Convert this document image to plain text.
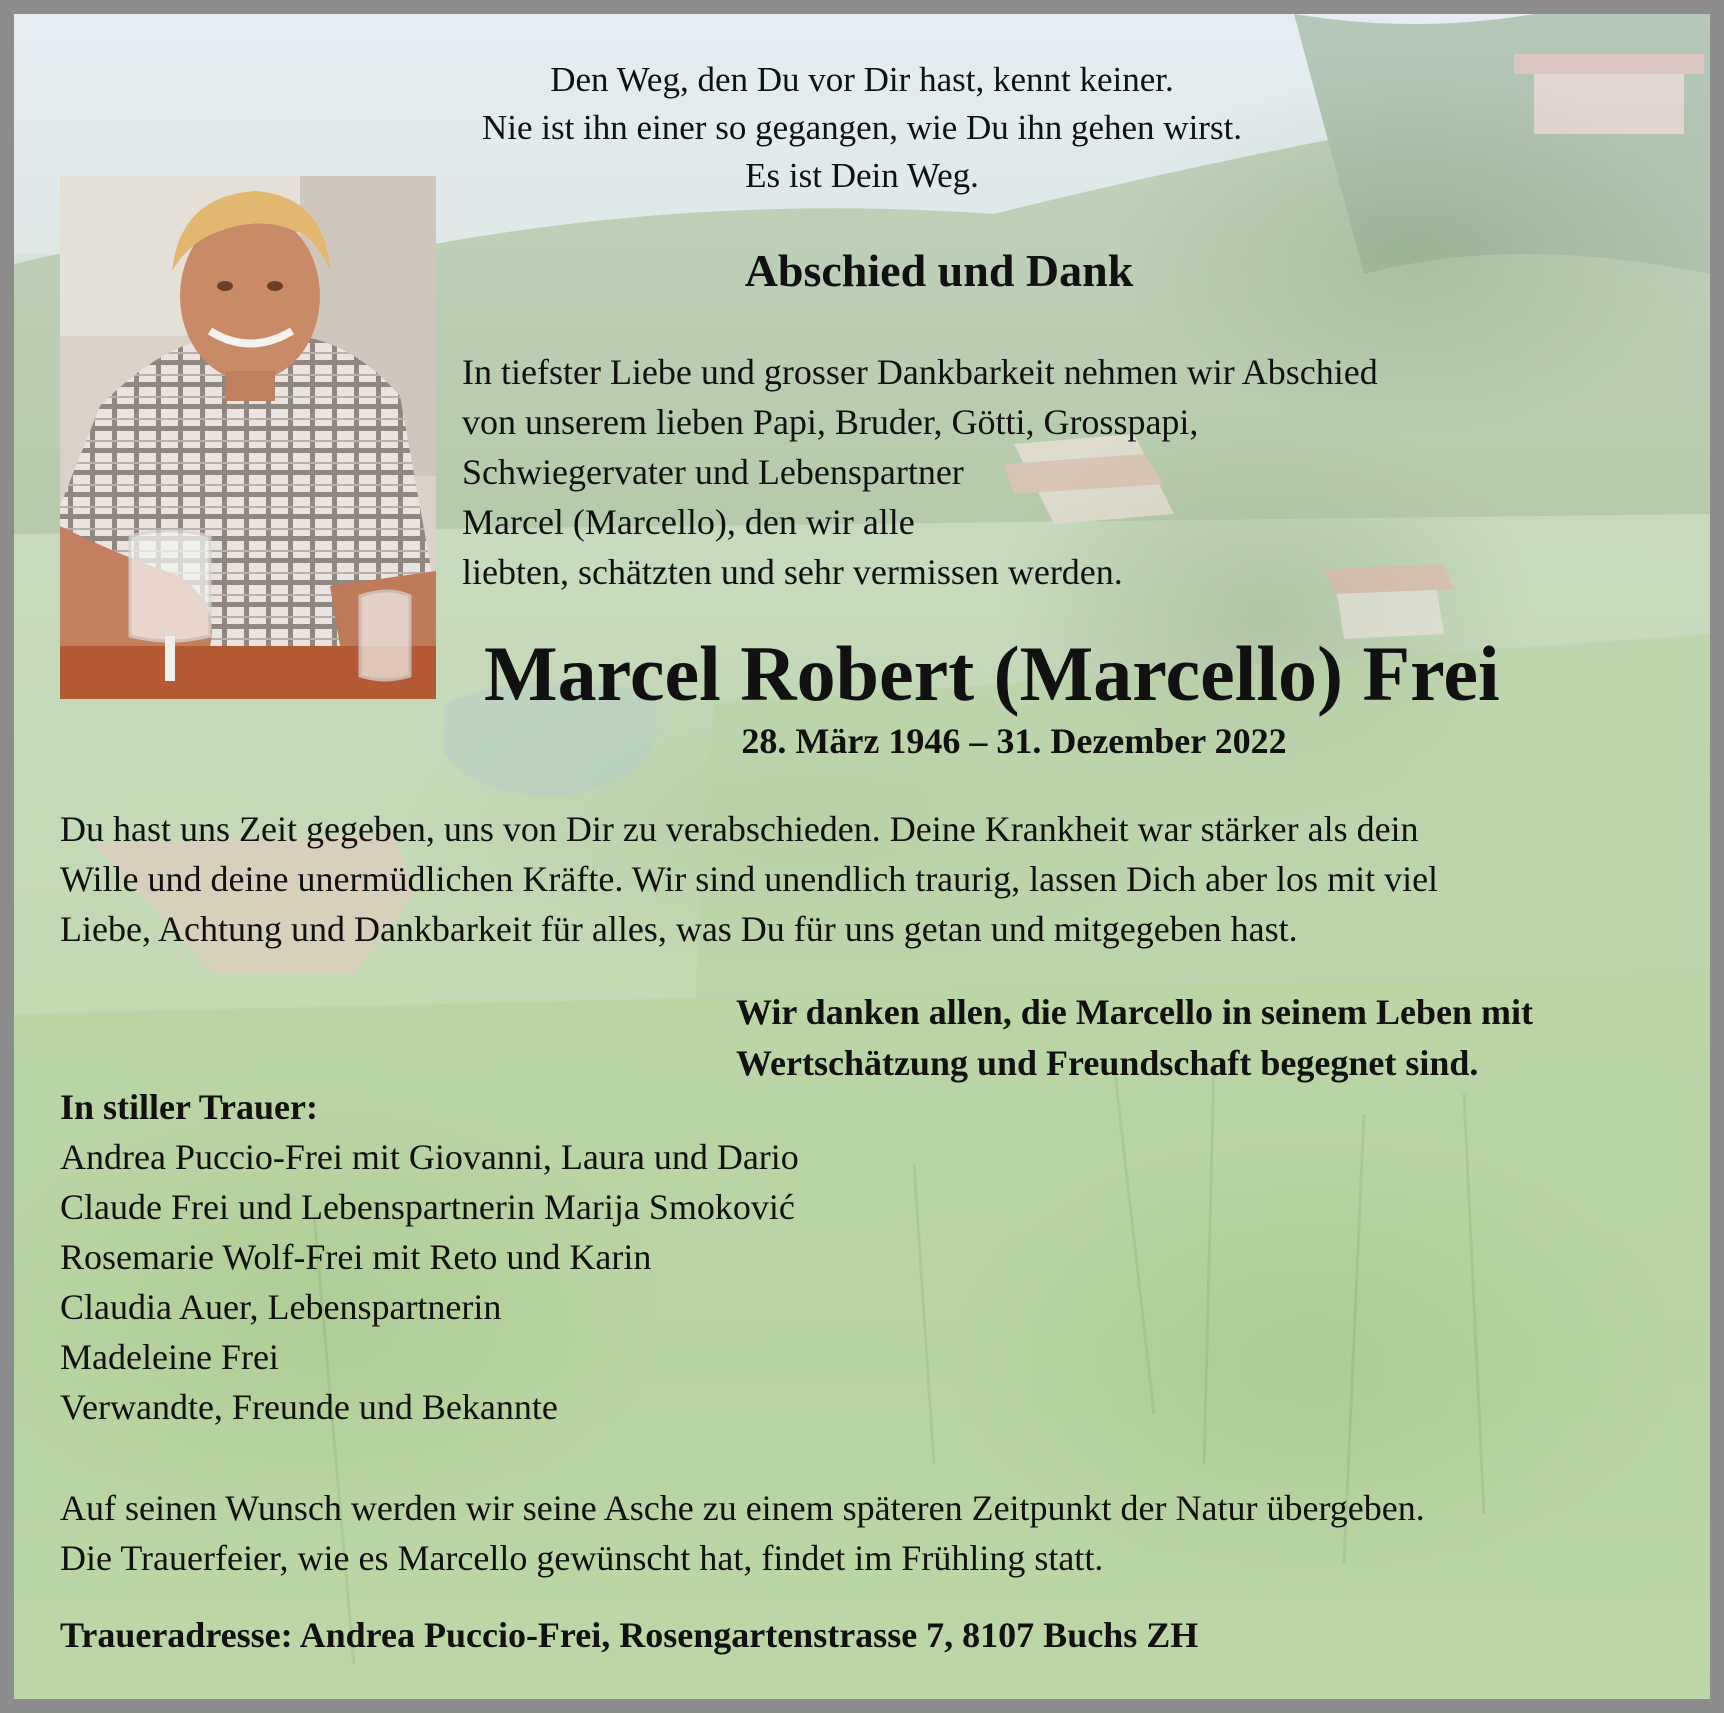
Den Weg, den Du vor Dir hast, kennt keiner.
Nie ist ihn einer so gegangen, wie Du ihn gehen wirst.
Es ist Dein Weg.
Abschied und Dank
In tiefster Liebe und grosser Dankbarkeit nehmen wir Abschied
von unserem lieben Papi, Bruder, Götti, Grosspapi,
Schwiegervater und Lebenspartner
Marcel (Marcello), den wir alle
liebten, schätzten und sehr vermissen werden.
Marcel Robert (Marcello) Frei
28. März 1946 – 31. Dezember 2022
Du hast uns Zeit gegeben, uns von Dir zu verabschieden. Deine Krankheit war stärker als dein
Wille und deine unermüdlichen Kräfte. Wir sind unendlich traurig, lassen Dich aber los mit viel
Liebe, Achtung und Dankbarkeit für alles, was Du für uns getan und mitgegeben hast.
Wir danken allen, die Marcello in seinem Leben mit
Wertschätzung und Freundschaft begegnet sind.
In stiller Trauer:
Andrea Puccio-Frei mit Giovanni, Laura und Dario
Claude Frei und Lebenspartnerin Marija Smoković
Rosemarie Wolf-Frei mit Reto und Karin
Claudia Auer, Lebenspartnerin
Madeleine Frei
Verwandte, Freunde und Bekannte
Auf seinen Wunsch werden wir seine Asche zu einem späteren Zeitpunkt der Natur übergeben.
Die Trauerfeier, wie es Marcello gewünscht hat, findet im Frühling statt.
Traueradresse: Andrea Puccio-Frei, Rosengartenstrasse 7, 8107 Buchs ZH
